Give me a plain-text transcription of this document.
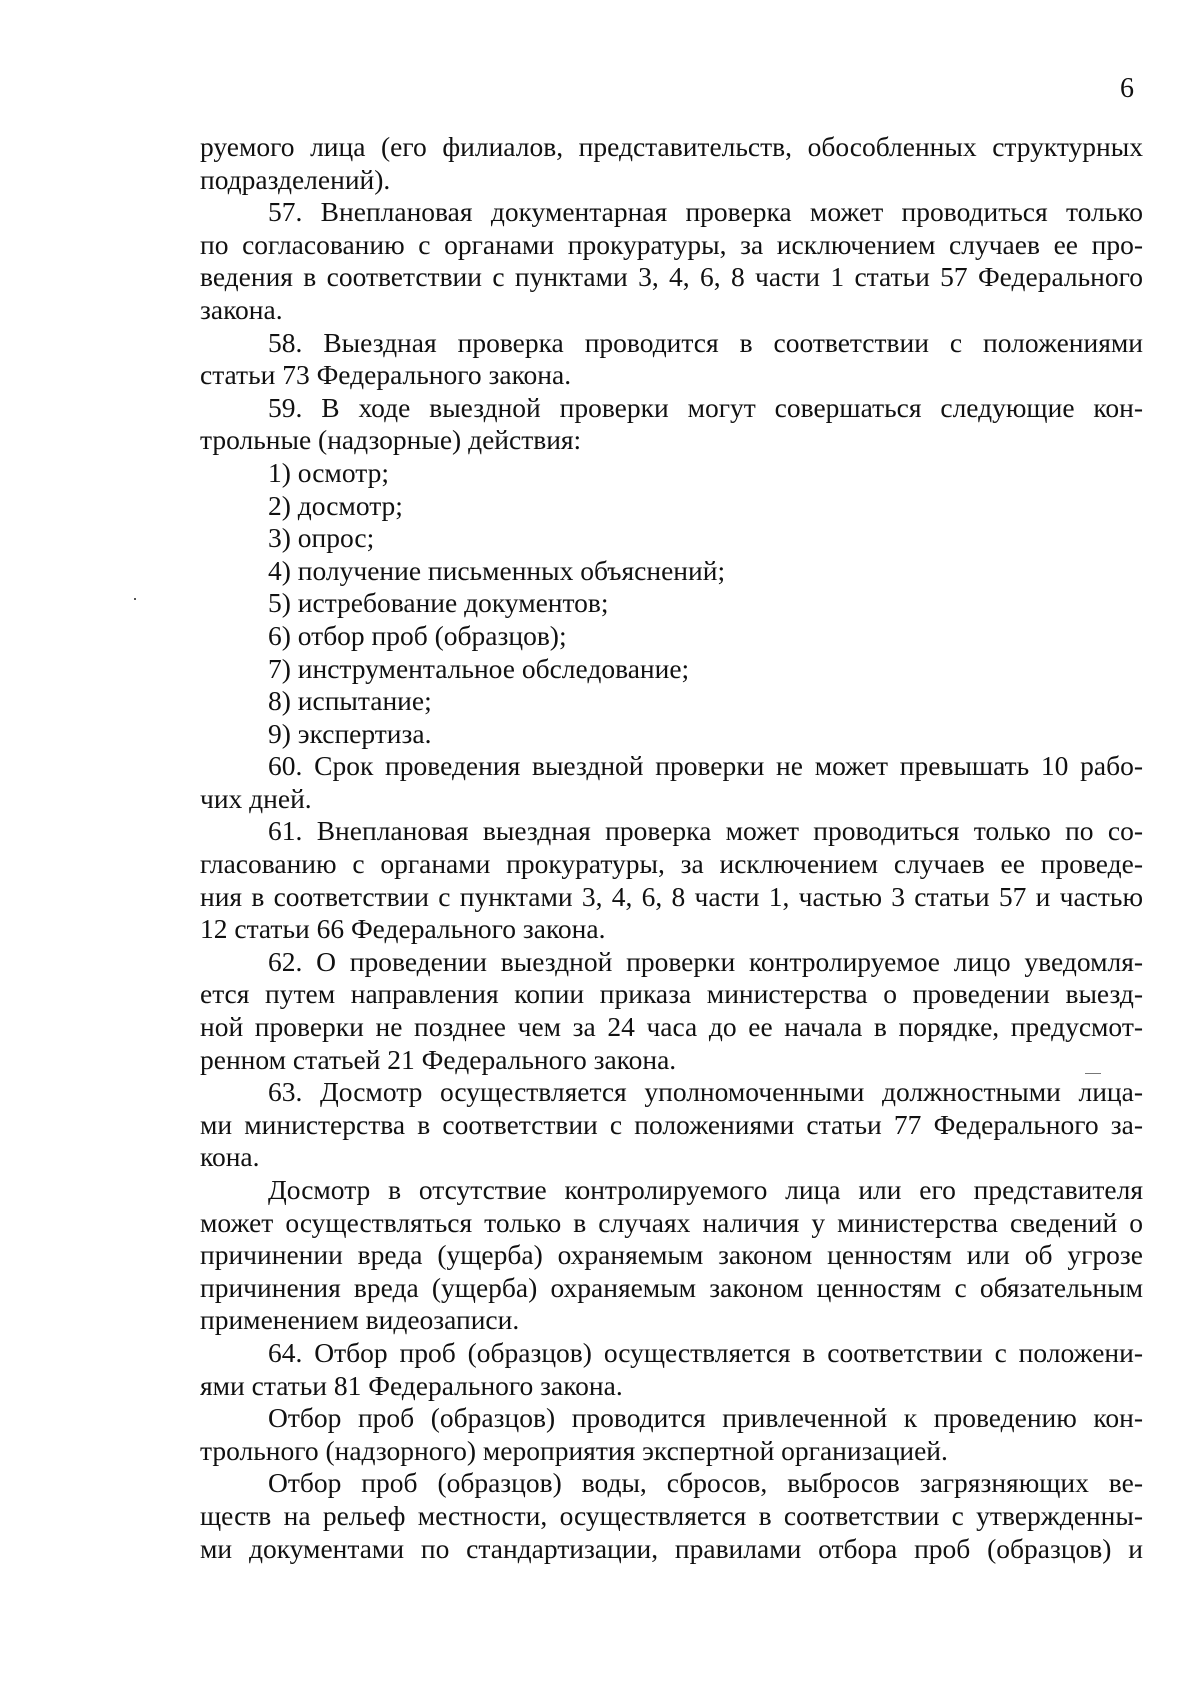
6
руемого лица (его филиалов, представительств, обособленных структурных
подразделений).
57. Внеплановая документарная проверка может проводиться только
по согласованию с органами прокуратуры, за исключением случаев ее про-
ведения в соответствии с пунктами 3, 4, 6, 8 части 1 статьи 57 Федерального
закона.
58. Выездная проверка проводится в соответствии с положениями
статьи 73 Федерального закона.
59. В ходе выездной проверки могут совершаться следующие кон-
трольные (надзорные) действия:
1) осмотр;
2) досмотр;
3) опрос;
4) получение письменных объяснений;
5) истребование документов;
6) отбор проб (образцов);
7) инструментальное обследование;
8) испытание;
9) экспертиза.
60. Срок проведения выездной проверки не может превышать 10 рабо-
чих дней.
61. Внеплановая выездная проверка может проводиться только по со-
гласованию с органами прокуратуры, за исключением случаев ее проведе-
ния в соответствии с пунктами 3, 4, 6, 8 части 1, частью 3 статьи 57 и частью
12 статьи 66 Федерального закона.
62. О проведении выездной проверки контролируемое лицо уведомля-
ется путем направления копии приказа министерства о проведении выезд-
ной проверки не позднее чем за 24 часа до ее начала в порядке, предусмот-
ренном статьей 21 Федерального закона.
63. Досмотр осуществляется уполномоченными должностными лица-
ми министерства в соответствии с положениями статьи 77 Федерального за-
кона.
Досмотр в отсутствие контролируемого лица или его представителя
может осуществляться только в случаях наличия у министерства сведений о
причинении вреда (ущерба) охраняемым законом ценностям или об угрозе
причинения вреда (ущерба) охраняемым законом ценностям с обязательным
применением видеозаписи.
64. Отбор проб (образцов) осуществляется в соответствии с положени-
ями статьи 81 Федерального закона.
Отбор проб (образцов) проводится привлеченной к проведению кон-
трольного (надзорного) мероприятия экспертной организацией.
Отбор проб (образцов) воды, сбросов, выбросов загрязняющих ве-
ществ на рельеф местности, осуществляется в соответствии с утвержденны-
ми документами по стандартизации, правилами отбора проб (образцов) и
